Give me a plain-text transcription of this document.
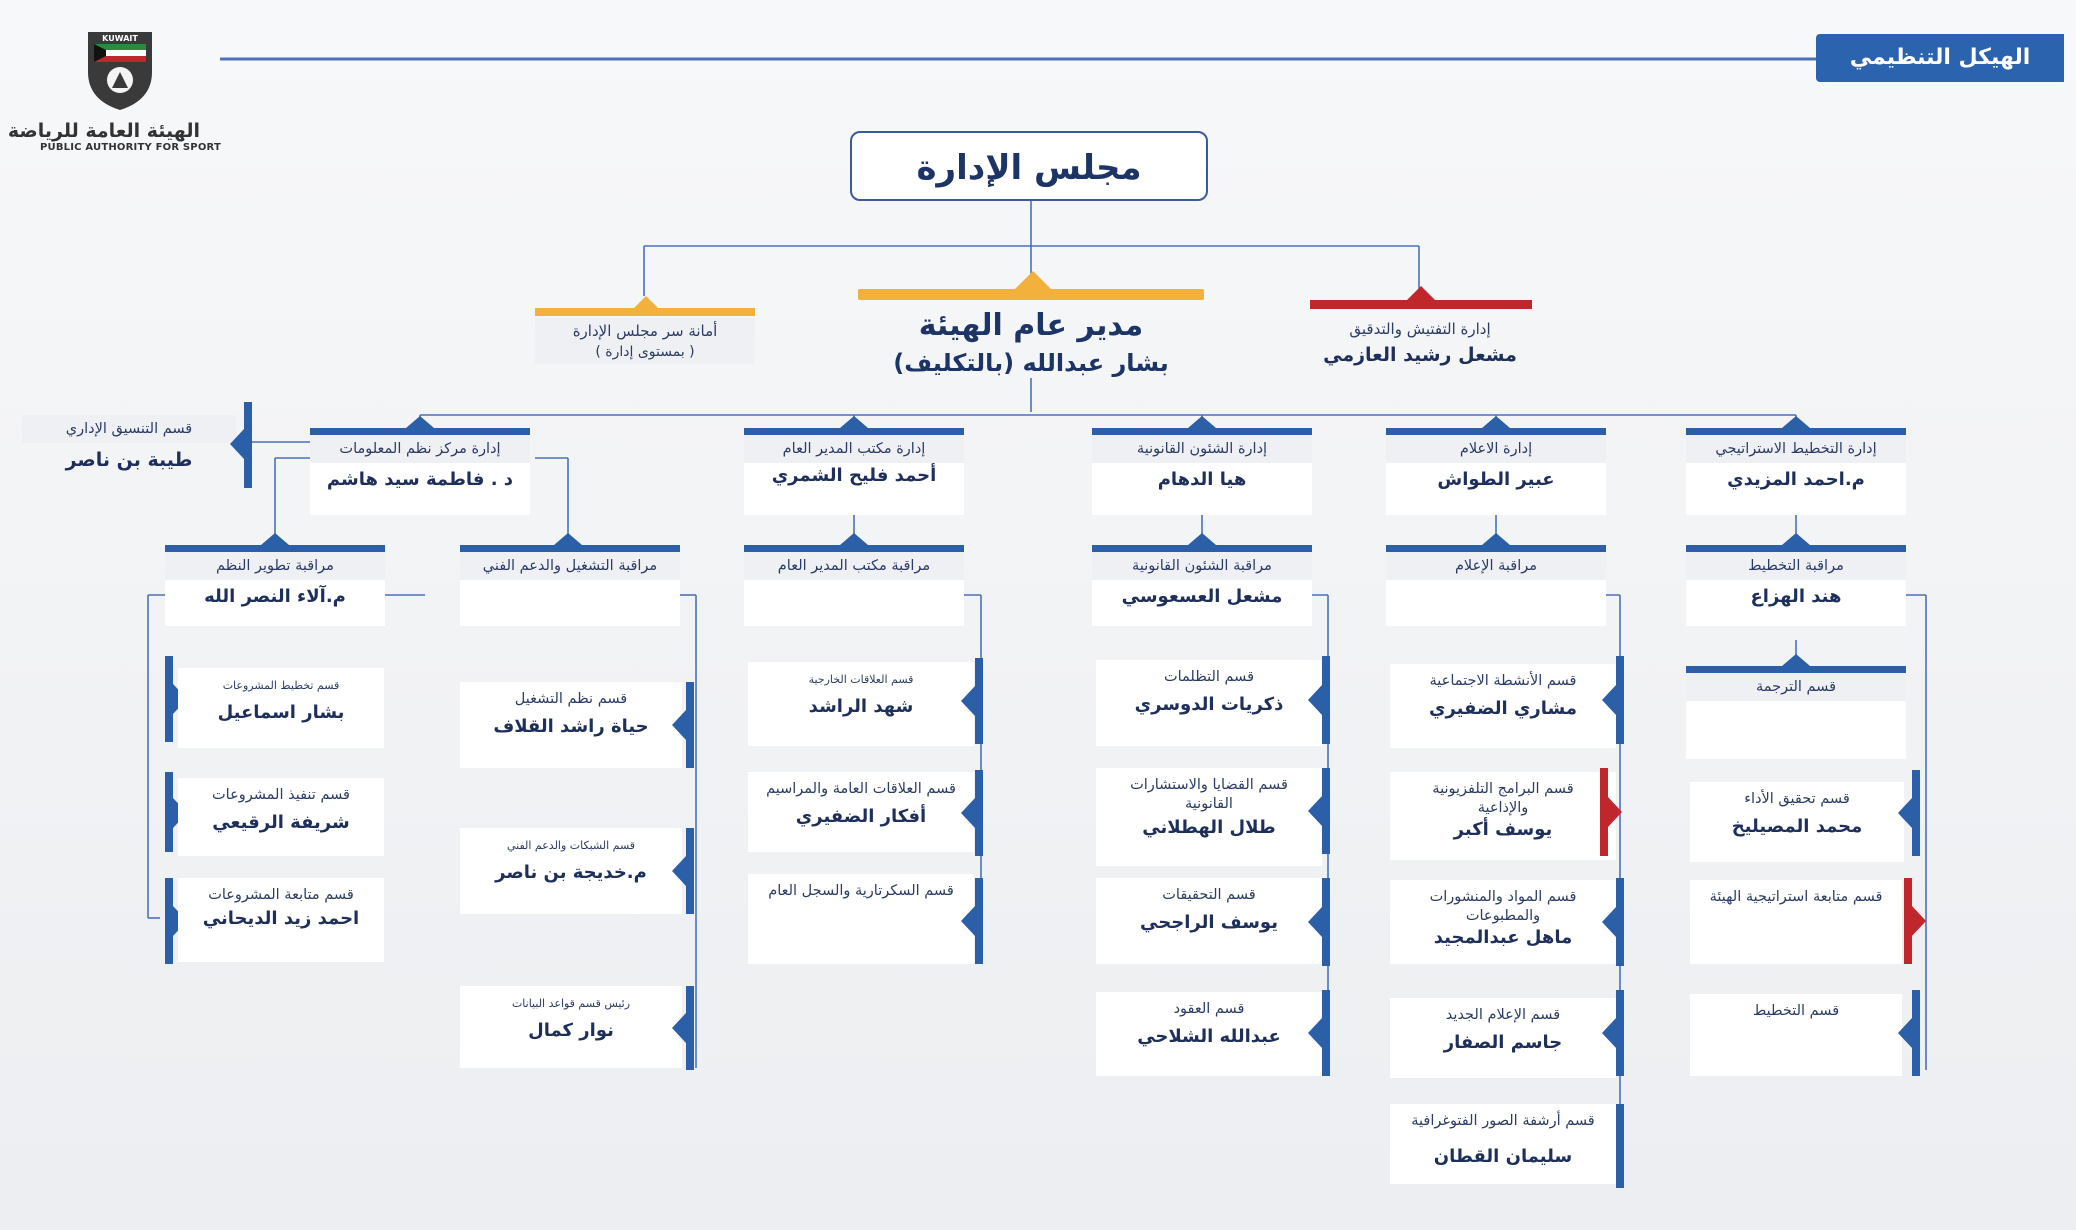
الهيكل التنظيمي
KUWAIT
الهيئة العامة للرياضة
PUBLIC AUTHORITY FOR SPORT
مجلس الإدارة
مدير عام الهيئة
بشار عبدالله (بالتكليف)
أمانة سر مجلس الإدارة
( بمستوى إدارة )
إدارة التفتيش والتدقيق
مشعل رشيد العازمي
قسم التنسيق الإداري
طيبة بن ناصر	إدارة مركز نظم المعلومات
د . فاطمة سيد هاشم
إدارة مكتب المدير العام
أحمد فليح الشمري
إدارة الشئون القانونية
هيا الدهام
إدارة الاعلام
عبير الطواش
إدارة التخطيط الاستراتيجي
م.احمد المزيدي
مراقبة تطوير النظم
م.آلاء النصر الله
مراقبة التشغيل والدعم الفني	مراقبة مكتب المدير العام	مراقبة الشئون القانونية
مشعل العسعوسي
مراقبة الإعلام	مراقبة التخطيط
هند الهزاع
قسم الترجمة
قسم تخطيط المشروعات
بشار اسماعيل
قسم تنفيذ المشروعات
شريفة الرقيعي
قسم متابعة المشروعات
احمد زيد الديحاني
قسم نظم التشغيل
حياة راشد القلاف
قسم الشبكات والدعم الفني
م.خديجة بن ناصر
رئيس قسم قواعد البيانات
نوار كمال
قسم العلاقات الخارجية
شهد الراشد
قسم العلاقات العامة والمراسيم
أفكار الضفيري
قسم السكرتارية والسجل العام
قسم التظلمات
ذكريات الدوسري
قسم القضايا والاستشارات القانونية
طلال الهطلاني
قسم التحقيقات
يوسف الراجحي
قسم العقود
عبدالله الشلاحي
قسم الأنشطة الاجتماعية
مشاري الضفيري
قسم البرامج التلفزيونية والإذاعية
يوسف أكبر
قسم المواد والمنشورات والمطبوعات
ماهل عبدالمجيد
قسم الإعلام الجديد
جاسم الصفار
قسم أرشفة الصور الفتوغرافية
سليمان القطان
قسم تحقيق الأداء
محمد المصيليخ
قسم متابعة استراتيجية الهيئة
قسم التخطيط
